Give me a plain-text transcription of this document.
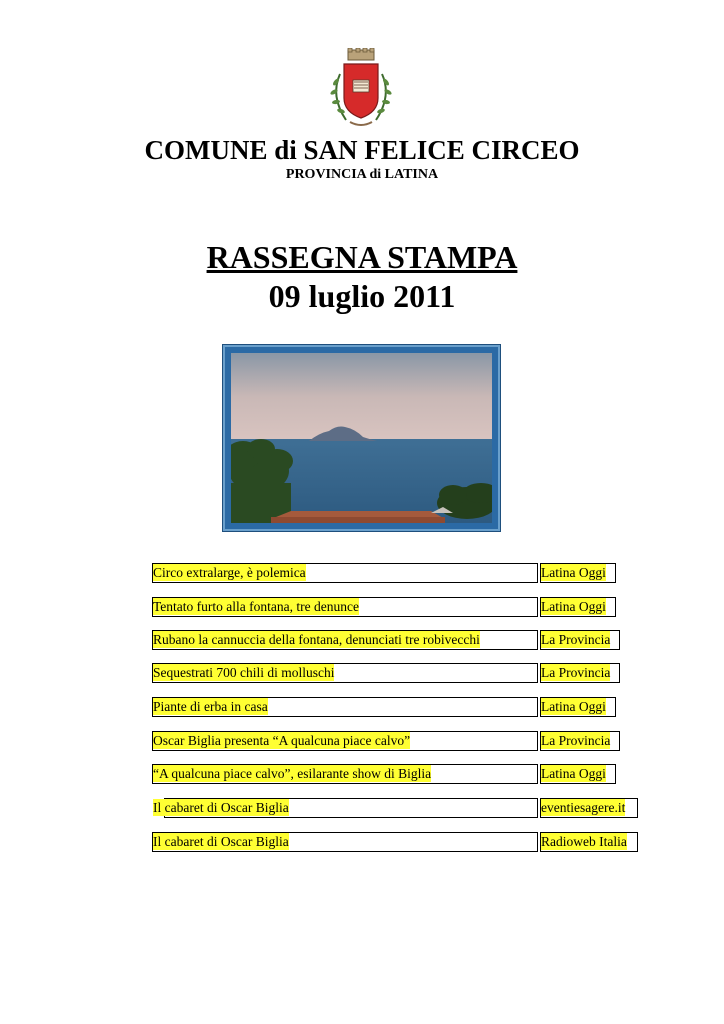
COMUNE di SAN FELICE CIRCEO
PROVINCIA di LATINA
RASSEGNA STAMPA
09 luglio 2011
Circo extralarge, è polemica	Latina Oggi
Tentato furto alla fontana, tre denunce	Latina Oggi
Rubano la cannuccia della fontana, denunciati tre robivecchi	La Provincia
Sequestrati 700 chili di molluschi	La Provincia
Piante di erba in casa	Latina Oggi
Oscar Biglia presenta “A qualcuna piace calvo”	La Provincia
“A qualcuna piace calvo”, esilarante show di Biglia	Latina Oggi
Il cabaret di Oscar Biglia	eventiesagere.it
Il cabaret di Oscar Biglia	Radioweb Italia
